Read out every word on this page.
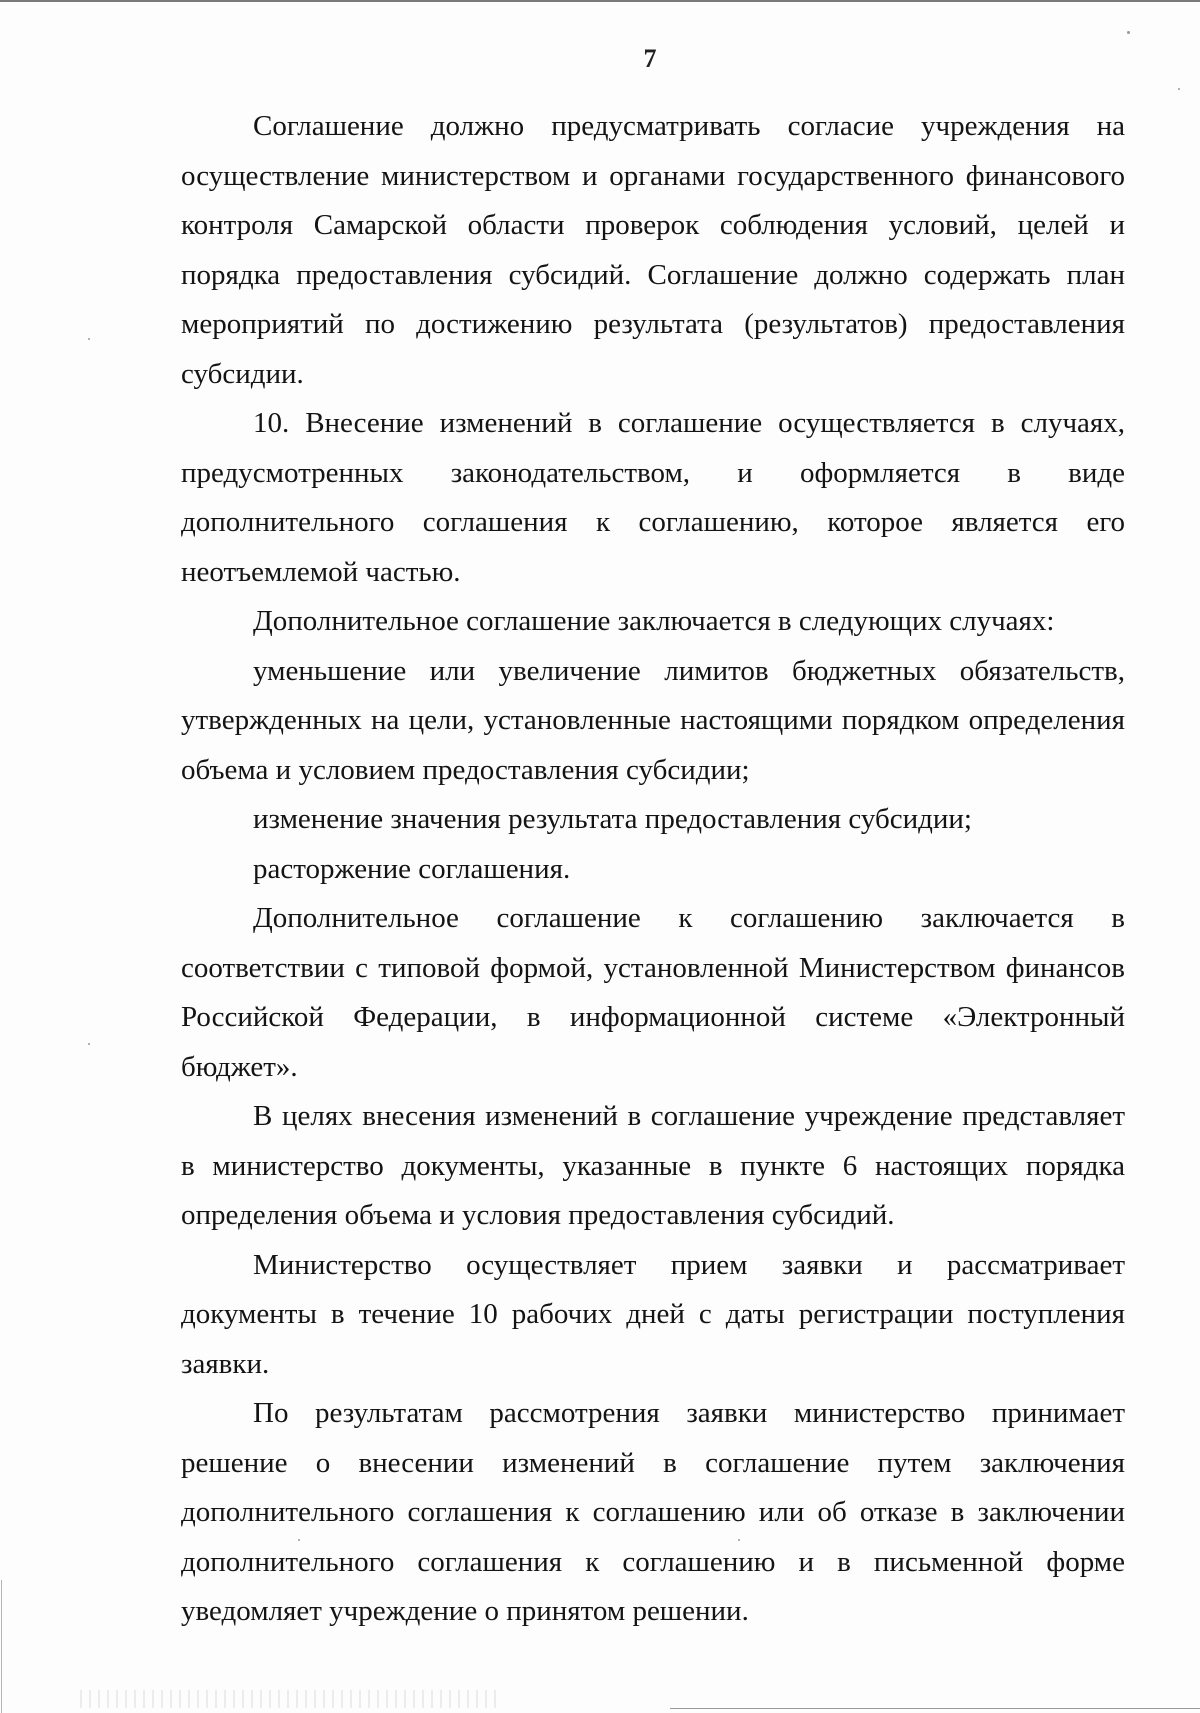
7

Соглашение должно предусматривать согласие учреждения на осуществление министерством и органами государственного финансового контроля Самарской области проверок соблюдения условий, целей и порядка предоставления субсидий. Соглашение должно содержать план мероприятий по достижению результата (результатов) предоставления субсидии.

10. Внесение изменений в соглашение осуществляется в случаях, предусмотренных законодательством, и оформляется в виде дополнительного соглашения к соглашению, которое является его неотъемлемой частью.

Дополнительное соглашение заключается в следующих случаях:

уменьшение или увеличение лимитов бюджетных обязательств, утвержденных на цели, установленные настоящими порядком определения объема и условием предоставления субсидии;

изменение значения результата предоставления субсидии;

расторжение соглашения.

Дополнительное соглашение к соглашению заключается в соответствии с типовой формой, установленной Министерством финансов Российской Федерации, в информационной системе «Электронный бюджет».

В целях внесения изменений в соглашение учреждение представляет в министерство документы, указанные в пункте 6 настоящих порядка определения объема и условия предоставления субсидий.

Министерство осуществляет прием заявки и рассматривает документы в течение 10 рабочих дней с даты регистрации поступления заявки.

По результатам рассмотрения заявки министерство принимает решение о внесении изменений в соглашение путем заключения дополнительного соглашения к соглашению или об отказе в заключении дополнительного соглашения к соглашению и в письменной форме уведомляет учреждение о принятом решении.
